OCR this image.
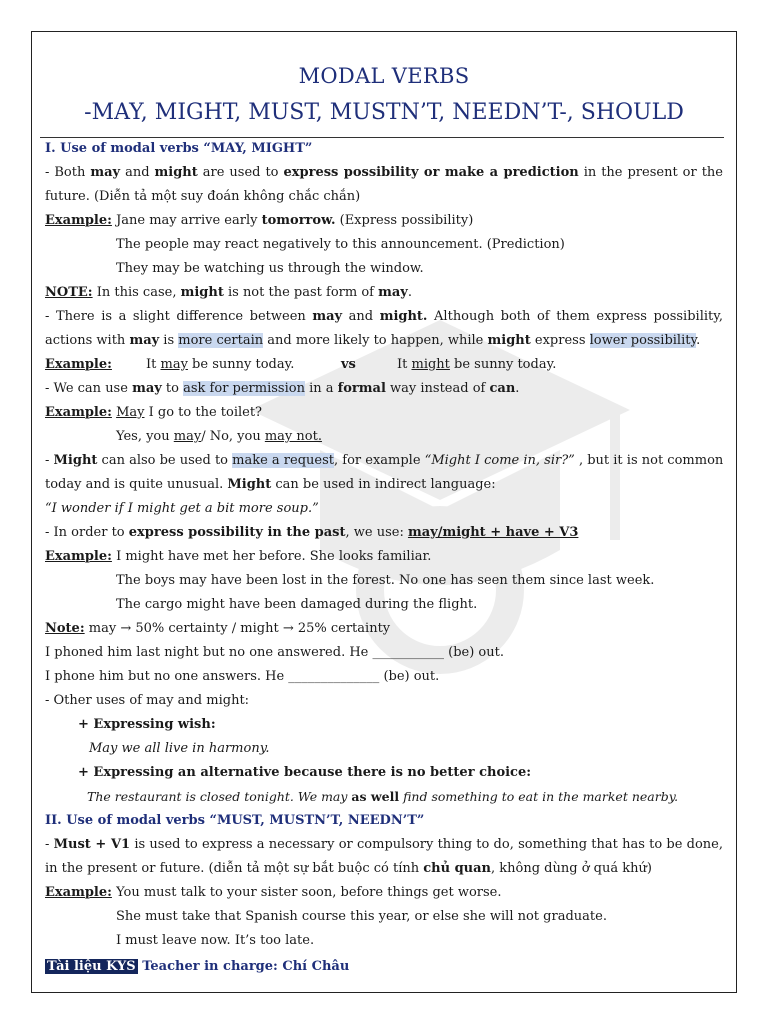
MODAL VERBS
-MAY, MIGHT, MUST, MUSTN’T, NEEDN’T-, SHOULD
I. Use of modal verbs “MAY, MIGHT”
- Both may and might are used to express possibility or make a prediction in the present or the
future. (Diễn tả một suy đoán không chắc chắn)
Example: Jane may arrive early tomorrow. (Express possibility)
The people may react negatively to this announcement. (Prediction)
They may be watching us through the window.
NOTE: In this case, might is not the past form of may.
- There is a slight difference between may and might. Although both of them express possibility,
actions with may is more certain and more likely to happen, while might express lower possibility.
Example:	It may be sunny today.	vs	It might be sunny today.
- We can use may to ask for permission in a formal way instead of can.
Example: May I go to the toilet?
Yes, you may/ No, you may not.
- Might can also be used to make a request, for example “Might I come in, sir?” , but it is not common
today and is quite unusual. Might can be used in indirect language:
“I wonder if I might get a bit more soup.”
- In order to express possibility in the past, we use: may/might + have + V3
Example: I might have met her before. She looks familiar.
The boys may have been lost in the forest. No one has seen them since last week.
The cargo might have been damaged during the flight.
Note: may → 50% certainty / might → 25% certainty
I phoned him last night but no one answered. He ___________ (be) out.
I phone him but no one answers. He ______________ (be) out.
- Other uses of may and might:
+ Expressing wish:
May we all live in harmony.
+ Expressing an alternative because there is no better choice:
The restaurant is closed tonight. We may as well find something to eat in the market nearby.
II. Use of modal verbs “MUST, MUSTN’T, NEEDN’T”
- Must + V1 is used to express a necessary or compulsory thing to do, something that has to be done,
in the present or future. (diễn tả một sự bắt buộc có tính chủ quan, không dùng ở quá khứ)
Example: You must talk to your sister soon, before things get worse.
She must take that Spanish course this year, or else she will not graduate.
I must leave now. It’s too late.
Tài liệu KYS Teacher in charge: Chí Châu
